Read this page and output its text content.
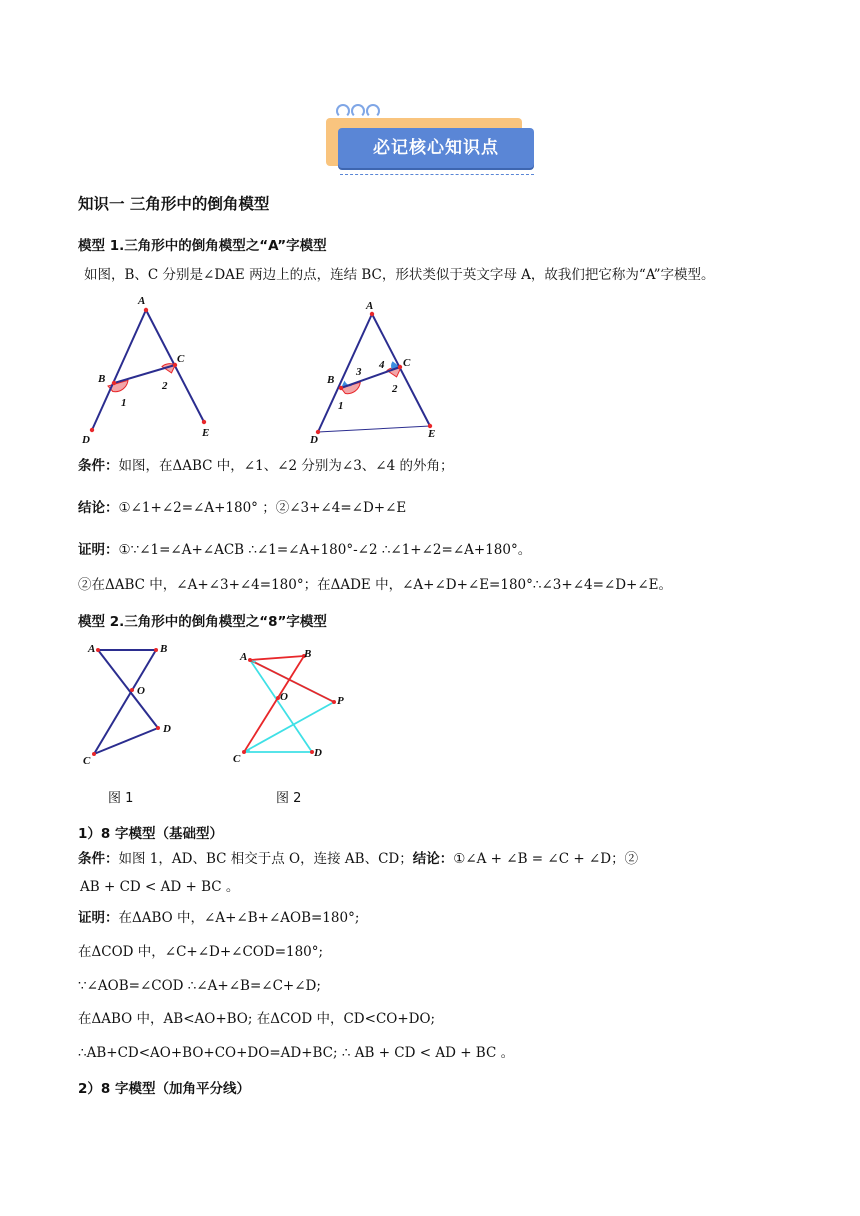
必记核心知识点
知识一 三角形中的倒角模型
模型 1.三角形中的倒角模型之“A”字模型
如图，B、C 分别是∠DAE 两边上的点，连结 BC，形状类似于英文字母 A，故我们把它称为“A”字模型。
A
B
C
D
E
1
2
A
B
C
D	E
1
2
3
4
条件：如图，在ΔABC 中，∠1、∠2 分别为∠3、∠4 的外角；
结论：①∠1+∠2=∠A+180° ；②∠3+∠4=∠D+∠E
证明：①∵∠1=∠A+∠ACB ∴∠1=∠A+180°-∠2 ∴∠1+∠2=∠A+180°。
②在ΔABC 中，∠A+∠3+∠4=180°；在ΔADE 中，∠A+∠D+∠E=180°∴∠3+∠4=∠D+∠E。
模型 2.三角形中的倒角模型之“8”字模型
A	B
O
C
D
图 1
A	B
O	P
C	D
图 2
1）8 字模型（基础型）
条件：如图 1，AD、BC 相交于点 O，连接 AB、CD；结论：①∠A + ∠B = ∠C + ∠D；②
AB + CD < AD + BC 。
证明：在ΔABO 中，∠A+∠B+∠AOB=180°;
在ΔCOD 中，∠C+∠D+∠COD=180°;
∵∠AOB=∠COD ∴∠A+∠B=∠C+∠D;
在ΔABO 中，AB<AO+BO; 在ΔCOD 中，CD<CO+DO;
∴AB+CD<AO+BO+CO+DO=AD+BC; ∴ AB + CD < AD + BC 。
2）8 字模型（加角平分线）
